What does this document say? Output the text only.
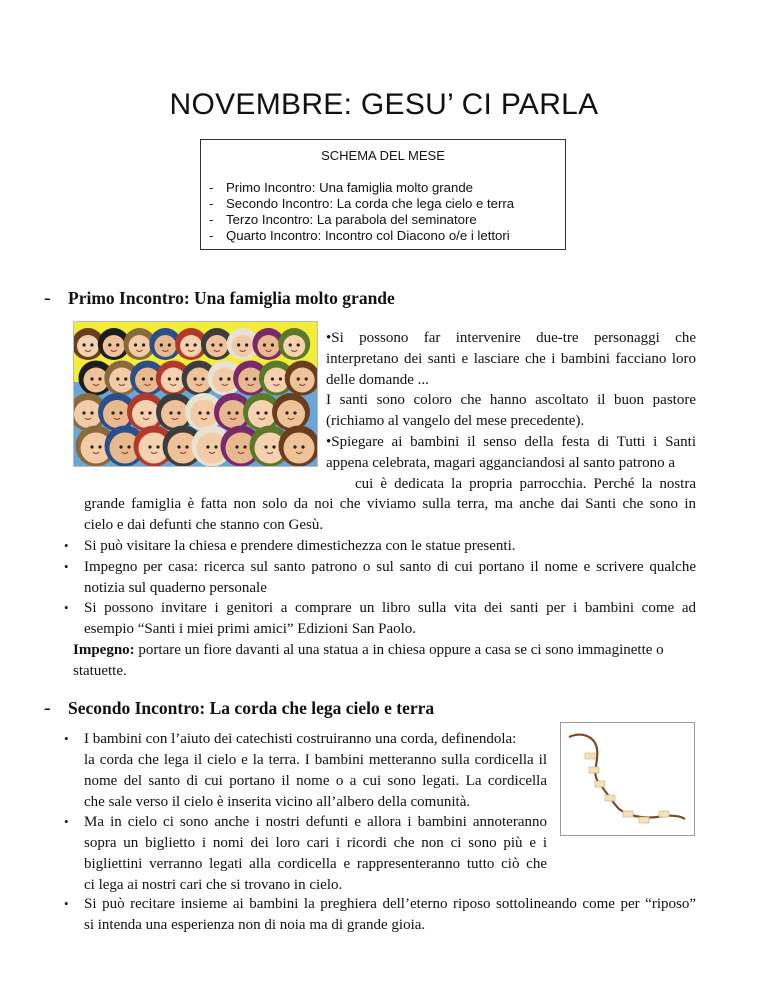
NOVEMBRE: GESU’ CI PARLA
SCHEMA DEL MESE
- Primo Incontro: Una famiglia molto grande
- Secondo Incontro: La corda che lega cielo e terra
- Terzo Incontro: La parabola del seminatore
- Quarto Incontro: Incontro col Diacono o/e i lettori
- Primo Incontro: Una famiglia molto grande

•Si possono far intervenire due-tre personaggi che

interpretano dei santi e lasciare che i bambini facciano loro

delle domande ...

I santi sono coloro che hanno ascoltato il buon pastore

(richiamo al vangelo del mese precedente).

•Spiegare ai bambini il senso della festa di Tutti i Santi

appena celebrata, magari agganciandosi al santo patrono a

cui è dedicata la propria parrocchia. Perché la nostra

grande famiglia è fatta non solo da noi che viviamo sulla terra, ma anche dai Santi che sono in

cielo e dai defunti che stanno con Gesù.

• Si può visitare la chiesa e prendere dimestichezza con le statue presenti.

• Impegno per casa: ricerca sul santo patrono o sul santo di cui portano il nome e scrivere qualche

notizia sul quaderno personale

• Si possono invitare i genitori a comprare un libro sulla vita dei santi per i bambini come ad

esempio “Santi i miei primi amici” Edizioni San Paolo.

Impegno: portare un fiore davanti al una statua a in chiesa oppure a casa se ci sono immaginette o

statuette.

- Secondo Incontro: La corda che lega cielo e terra
• I bambini con l’aiuto dei catechisti costruiranno una corda, definendola:

la corda che lega il cielo e la terra. I bambini metteranno sulla cordicella il

nome del santo di cui portano il nome o a cui sono legati. La cordicella

che sale verso il cielo è inserita vicino all’albero della comunità.

• Ma in cielo ci sono anche i nostri defunti e allora i bambini annoteranno

sopra un biglietto i nomi dei loro cari i ricordi che non ci sono più e i

bigliettini verranno legati alla cordicella e rappresenteranno tutto ciò che

ci lega ai nostri cari che si trovano in cielo.

• Si può recitare insieme ai bambini la preghiera dell’eterno riposo sottolineando come per “riposo”

si intenda una esperienza non di noia ma di grande gioia.
